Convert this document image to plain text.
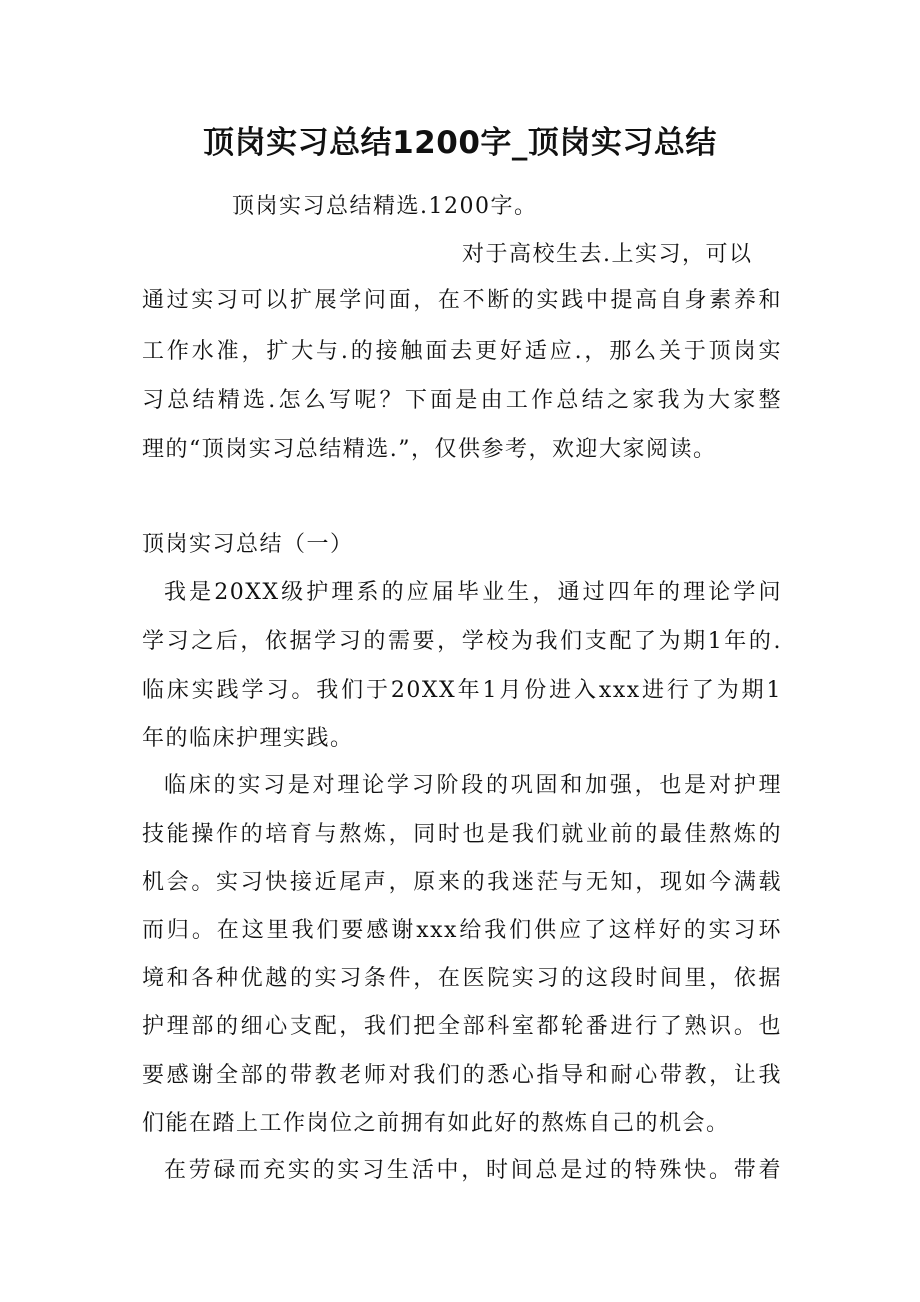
顶岗实习总结1200字_顶岗实习总结
顶岗实习总结精选.1200字。
对于高校生去.上实习，可以
通过实习可以扩展学问面，在不断的实践中提高自身素养和
工作水准，扩大与.的接触面去更好适应.，那么关于顶岗实
习总结精选.怎么写呢？下面是由工作总结之家我为大家整
理的“顶岗实习总结精选.”，仅供参考，欢迎大家阅读。
顶岗实习总结（一）
我是20XX级护理系的应届毕业生，通过四年的理论学问
学习之后，依据学习的需要，学校为我们支配了为期1年的.
临床实践学习。我们于20XX年1月份进入xxx进行了为期1
年的临床护理实践。
临床的实习是对理论学习阶段的巩固和加强，也是对护理
技能操作的培育与熬炼，同时也是我们就业前的最佳熬炼的
机会。实习快接近尾声，原来的我迷茫与无知，现如今满载
而归。在这里我们要感谢xxx给我们供应了这样好的实习环
境和各种优越的实习条件，在医院实习的这段时间里，依据
护理部的细心支配，我们把全部科室都轮番进行了熟识。也
要感谢全部的带教老师对我们的悉心指导和耐心带教，让我
们能在踏上工作岗位之前拥有如此好的熬炼自己的机会。
在劳碌而充实的实习生活中，时间总是过的特殊快。带着
